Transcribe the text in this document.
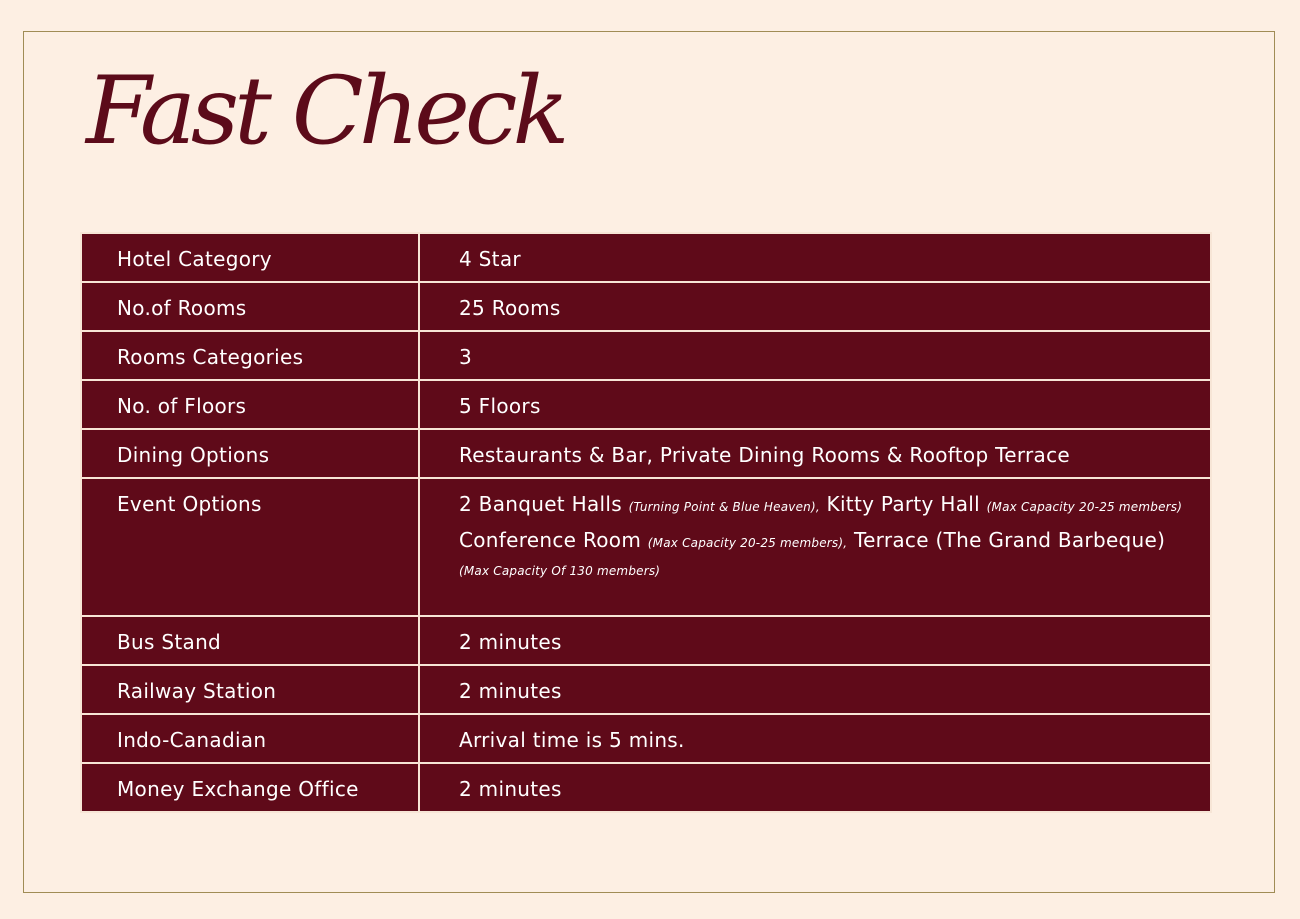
Fast Check
Hotel Category	4 Star
No.of Rooms	25 Rooms
Rooms Categories	3
No. of Floors	5 Floors
Dining Options	Restaurants & Bar, Private Dining Rooms & Rooftop Terrace
Event Options	2 Banquet Halls (Turning Point & Blue Heaven), Kitty Party Hall (Max Capacity 20-25 members)
Conference Room (Max Capacity 20-25 members), Terrace (The Grand Barbeque)
(Max Capacity Of 130 members)

Bus Stand	2 minutes
Railway Station	2 minutes
Indo-Canadian	Arrival time is 5 mins.
Money Exchange Office	2 minutes
